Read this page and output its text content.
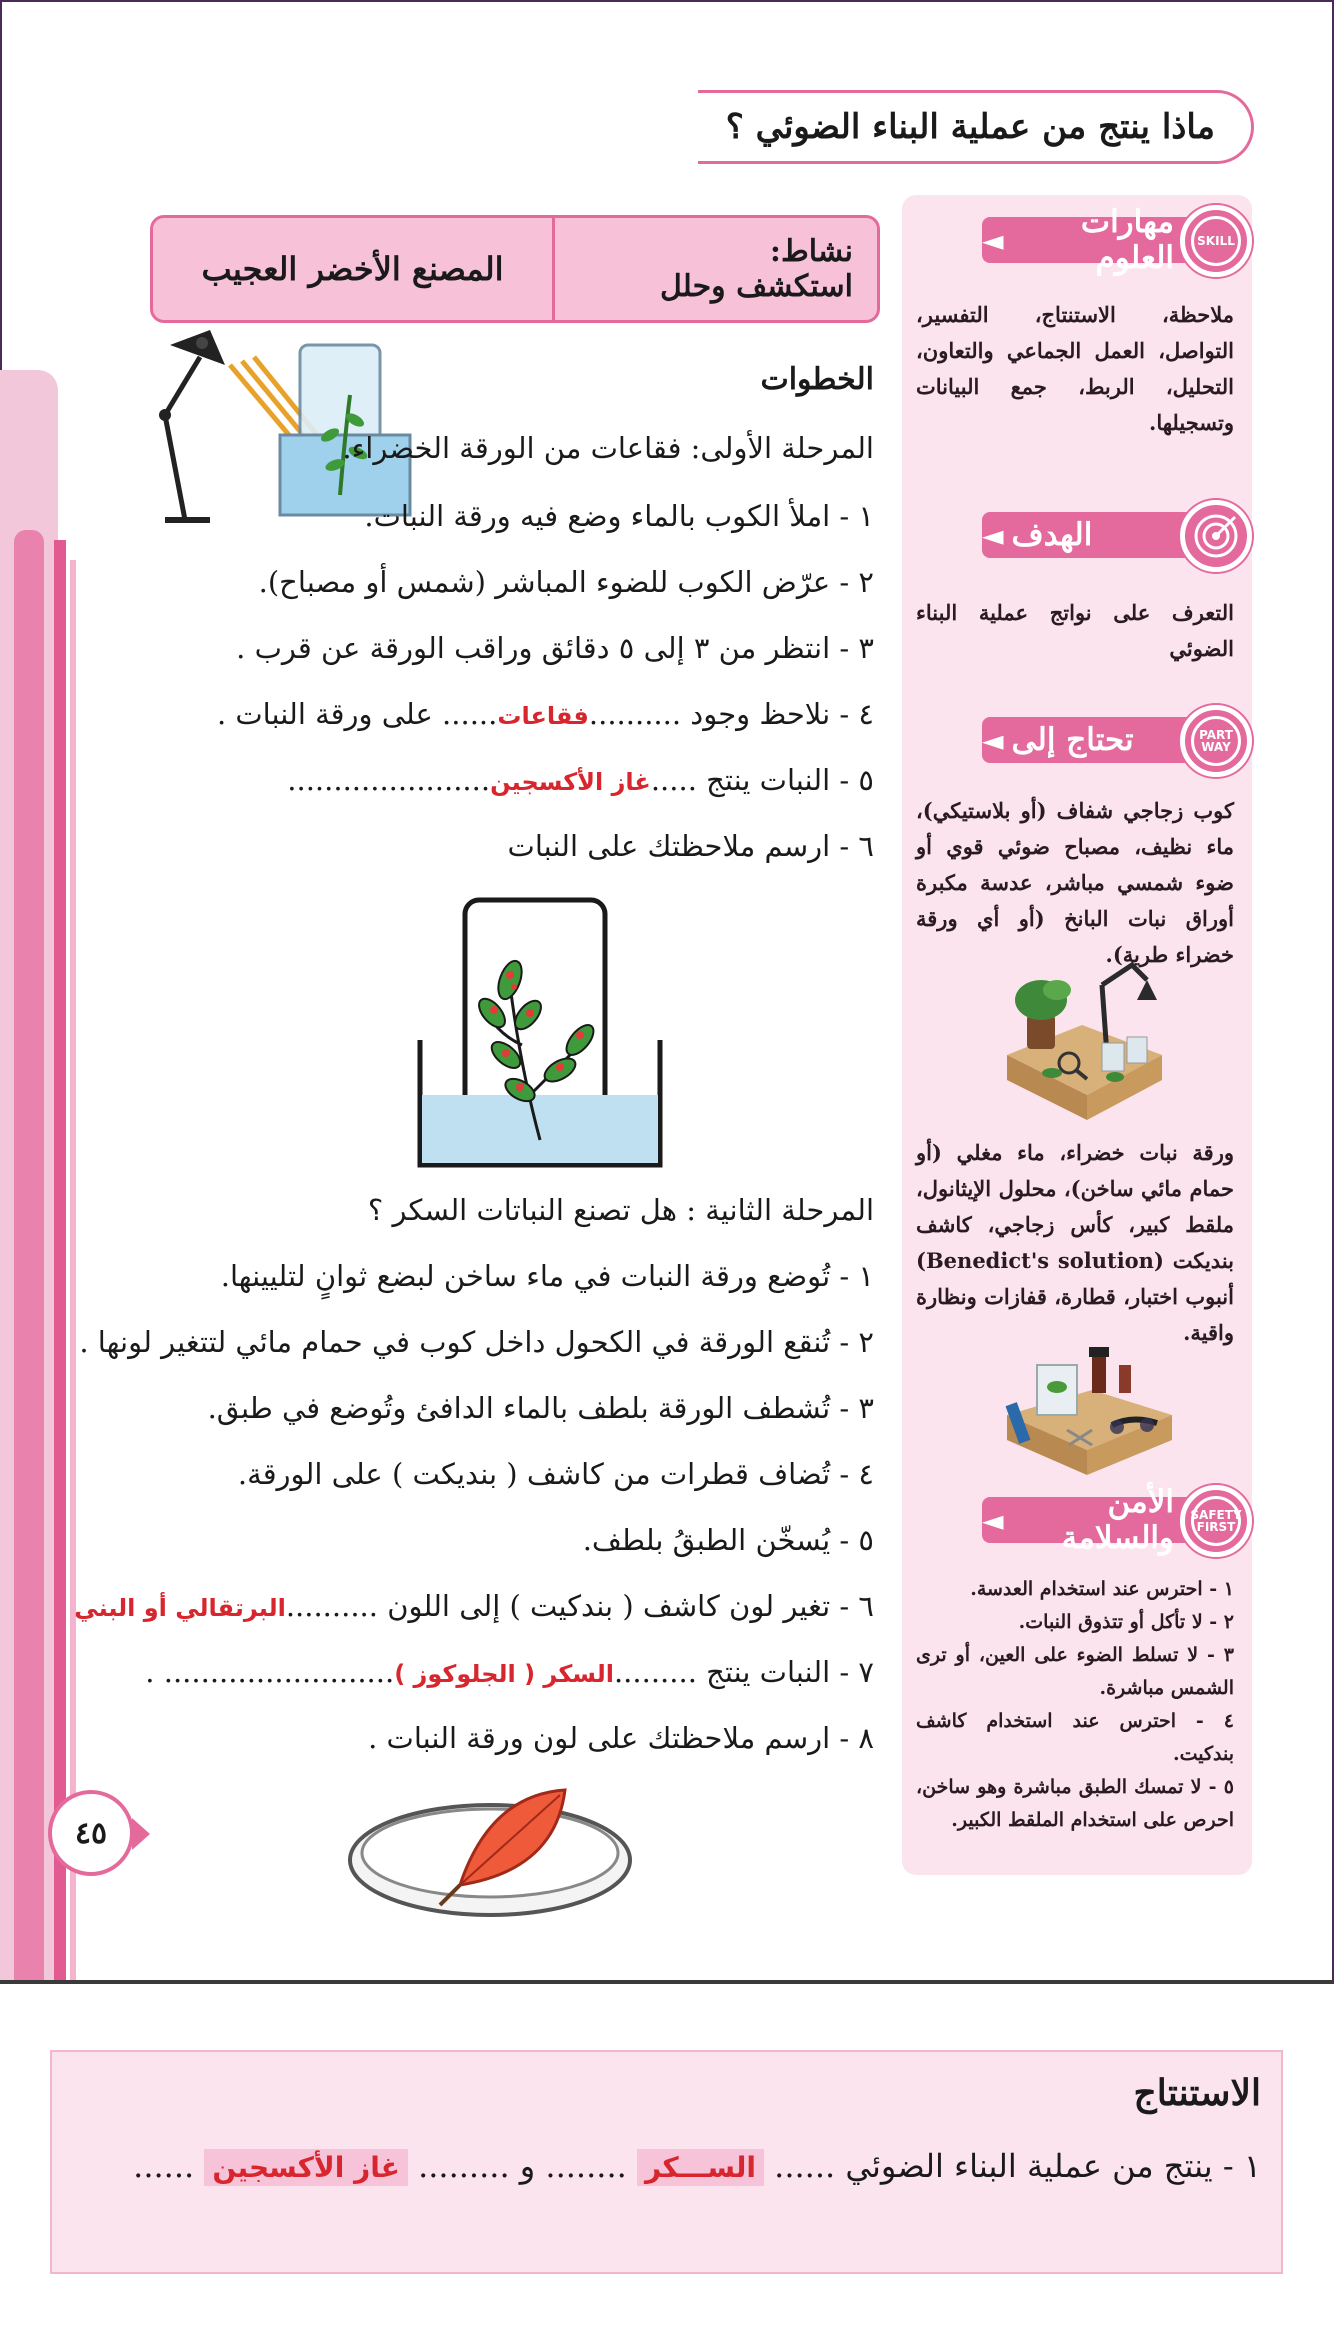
ماذا ينتج من عملية البناء الضوئي ؟
نشاط:
استكشف وحلل
المصنع الأخضر العجيب
مهارات العلوم
◄	SKILL
ملاحظة، الاستنتاج، التفسير، التواصل، العمل الجماعي والتعاون، التحليل، الربط، جمع البيانات وتسجيلها.
الهدف
◄
التعرف على نواتج عملية البناء الضوئي
تحتاج إلى
◄	PART WAY
كوب زجاجي شفاف (أو بلاستيكي)، ماء نظيف، مصباح ضوئي قوي أو ضوء شمسي مباشر، عدسة مكبرة أوراق نبات البانخ (أو أي ورقة خضراء طرية).
ورقة نبات خضراء، ماء مغلي (أو حمام مائي ساخن)، محلول الإيثانول، ملقط كبير، كأس زجاجي، كاشف بنديكت (Benedict's solution) أنبوب اختبار، قطارة، قفازات ونظارة واقية.
الأمن والسلامة
◄	SAFETY FIRST
١ - احترس عند استخدام العدسة.
٢ - لا تأكل أو تتذوق النبات.
٣ - لا تسلط الضوء على العين، أو ترى الشمس مباشرة.
٤ - احترس عند استخدام كاشف بندكيت.
٥ - لا تمسك الطبق مباشرة وهو ساخن، احرص على استخدام الملقط الكبير.
الخطوات
المرحلة الأولى: فقاعات من الورقة الخضراء.
١ - املأ الكوب بالماء وضع فيه ورقة النبات.
٢ - عرّض الكوب للضوء المباشر (شمس أو مصباح).
٣ - انتظر من ٣ إلى ٥ دقائق وراقب الورقة عن قرب .
٤ - نلاحظ وجود ..........فقاعات...... على ورقة النبات .
٥ - النبات ينتج .....غاز الأكسجين......................
٦ - ارسم ملاحظتك على النبات
المرحلة الثانية : هل تصنع النباتات السكر ؟
١ - تُوضع ورقة النبات في ماء ساخن لبضع ثوانٍ لتليينها.
٢ - تُنقع الورقة في الكحول داخل كوب في حمام مائي لتتغير لونها .
٣ - تُشطف الورقة بلطف بالماء الدافئ وتُوضع في طبق.
٤ - تُضاف قطرات من كاشف ( بنديكت ) على الورقة.
٥ - يُسخّن الطبقُ بلطف.
٦ - تغير لون كاشف ( بندكيت ) إلى اللون ..........البرتقالي أو البني
٧ - النبات ينتج .........السكر ( الجلوكوز )......................... .
٨ - ارسم ملاحظتك على لون ورقة النبات .
٤٥
الاستنتاج
١ - ينتج من عملية البناء الضوئي ...... الســـكر ........ و ......... غاز الأكسجين ......
